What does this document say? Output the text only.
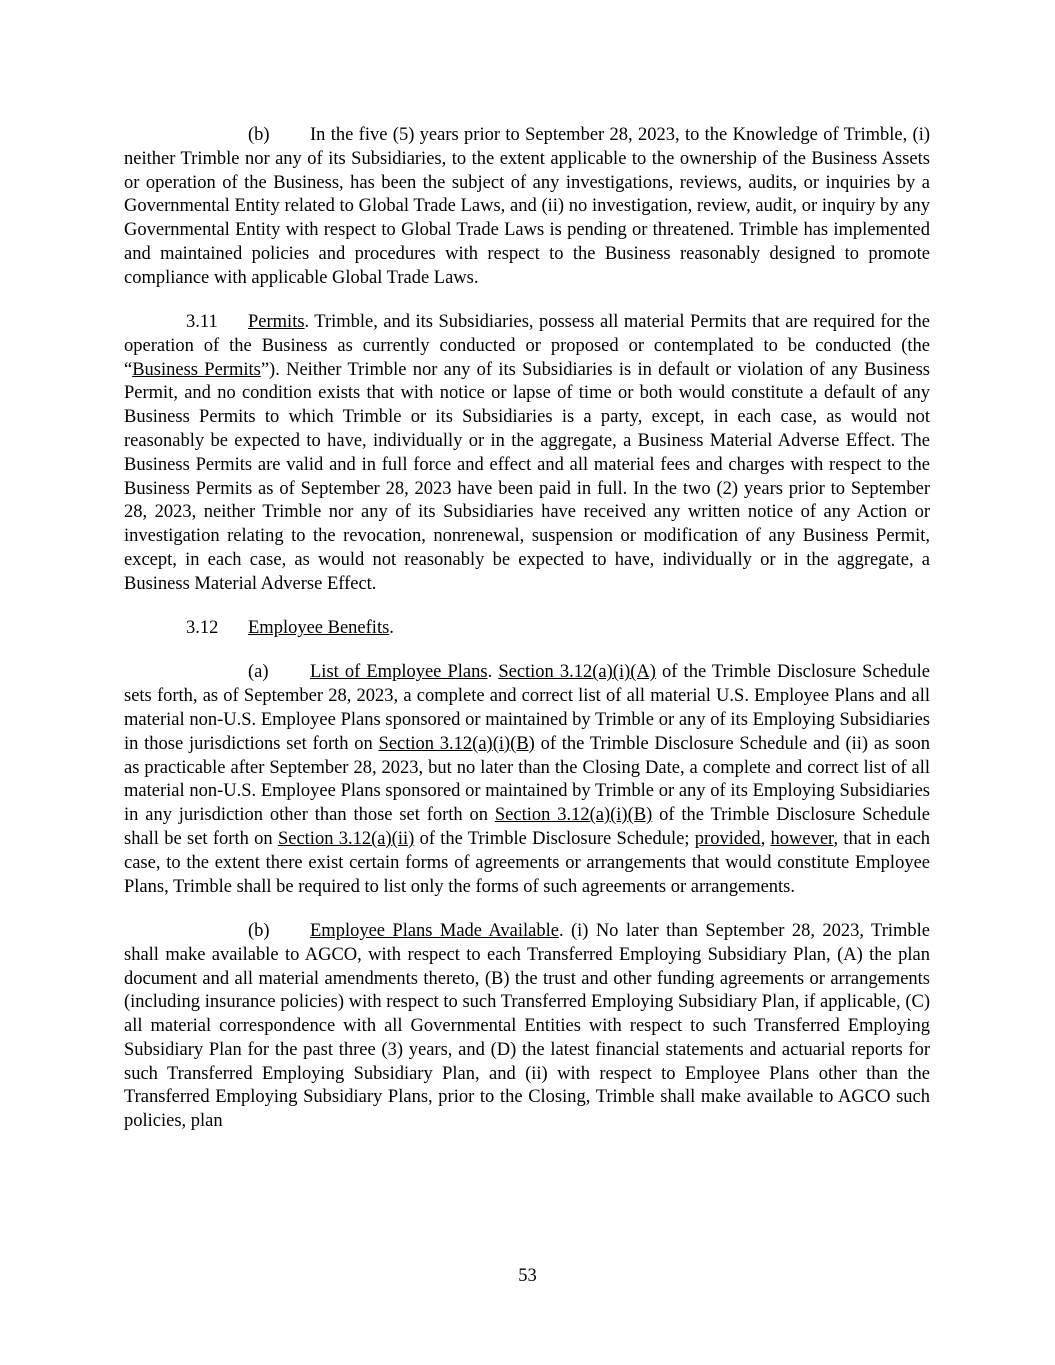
(b) In the five (5) years prior to September 28, 2023, to the Knowledge of Trimble, (i) neither Trimble nor any of its Subsidiaries, to the extent applicable to the ownership of the Business Assets or operation of the Business, has been the subject of any investigations, reviews, audits, or inquiries by a Governmental Entity related to Global Trade Laws, and (ii) no investigation, review, audit, or inquiry by any Governmental Entity with respect to Global Trade Laws is pending or threatened. Trimble has implemented and maintained policies and procedures with respect to the Business reasonably designed to promote compliance with applicable Global Trade Laws.

3.11 Permits. Trimble, and its Subsidiaries, possess all material Permits that are required for the operation of the Business as currently conducted or proposed or contemplated to be conducted (the “Business Permits”). Neither Trimble nor any of its Subsidiaries is in default or violation of any Business Permit, and no condition exists that with notice or lapse of time or both would constitute a default of any Business Permits to which Trimble or its Subsidiaries is a party, except, in each case, as would not reasonably be expected to have, individually or in the aggregate, a Business Material Adverse Effect. The Business Permits are valid and in full force and effect and all material fees and charges with respect to the Business Permits as of September 28, 2023 have been paid in full. In the two (2) years prior to September 28, 2023, neither Trimble nor any of its Subsidiaries have received any written notice of any Action or investigation relating to the revocation, nonrenewal, suspension or modification of any Business Permit, except, in each case, as would not reasonably be expected to have, individually or in the aggregate, a Business Material Adverse Effect.

3.12 Employee Benefits.

(a) List of Employee Plans. Section 3.12(a)(i)(A) of the Trimble Disclosure Schedule sets forth, as of September 28, 2023, a complete and correct list of all material U.S. Employee Plans and all material non-U.S. Employee Plans sponsored or maintained by Trimble or any of its Employing Subsidiaries in those jurisdictions set forth on Section 3.12(a)(i)(B) of the Trimble Disclosure Schedule and (ii) as soon as practicable after September 28, 2023, but no later than the Closing Date, a complete and correct list of all material non-U.S. Employee Plans sponsored or maintained by Trimble or any of its Employing Subsidiaries in any jurisdiction other than those set forth on Section 3.12(a)(i)(B) of the Trimble Disclosure Schedule shall be set forth on Section 3.12(a)(ii) of the Trimble Disclosure Schedule; provided, however, that in each case, to the extent there exist certain forms of agreements or arrangements that would constitute Employee Plans, Trimble shall be required to list only the forms of such agreements or arrangements.

(b) Employee Plans Made Available. (i) No later than September 28, 2023, Trimble shall make available to AGCO, with respect to each Transferred Employing Subsidiary Plan, (A) the plan document and all material amendments thereto, (B) the trust and other funding agreements or arrangements (including insurance policies) with respect to such Transferred Employing Subsidiary Plan, if applicable, (C) all material correspondence with all Governmental Entities with respect to such Transferred Employing Subsidiary Plan for the past three (3) years, and (D) the latest financial statements and actuarial reports for such Transferred Employing Subsidiary Plan, and (ii) with respect to Employee Plans other than the Transferred Employing Subsidiary Plans, prior to the Closing, Trimble shall make available to AGCO such policies, plan

53
